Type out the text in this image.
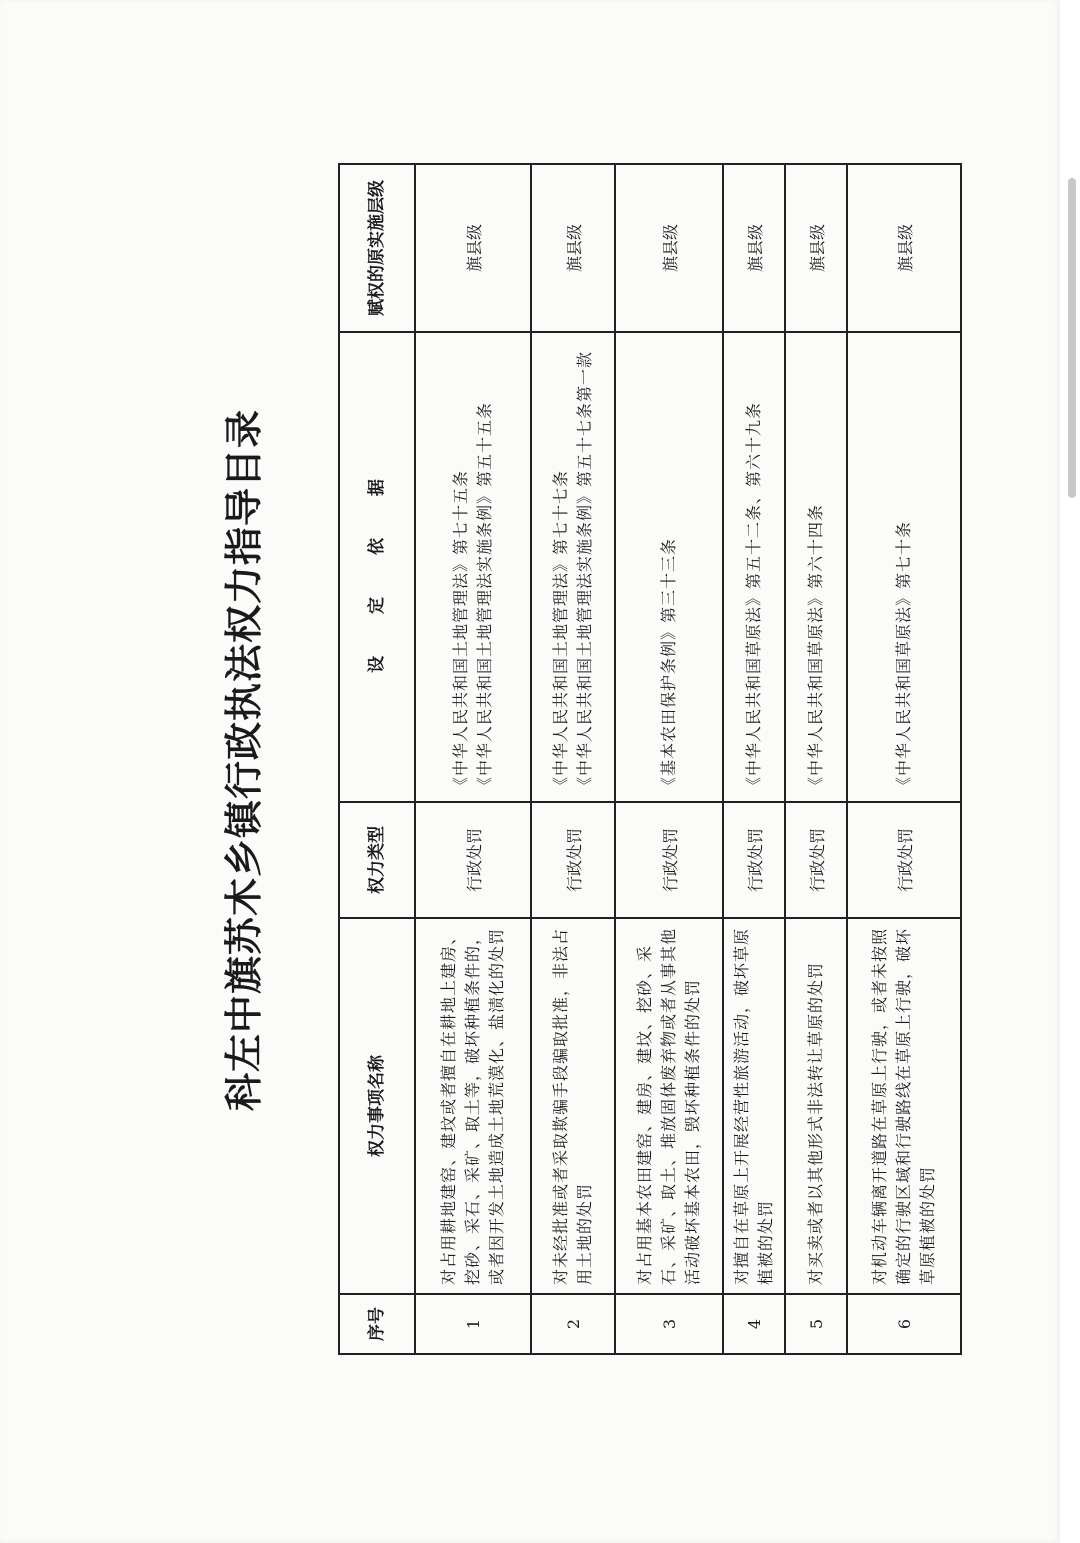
科左中旗苏木乡镇行政执法权力指导目录
序号	权力事项名称	权力类型	设 定 依 据	赋权的原实施层级
1	对占用耕地建窑、建坟或者擅自在耕地上建房、挖砂、采石、采矿、取土等，破坏种植条件的，或者因开发土地造成土地荒漠化、盐渍化的处罚	行政处罚	《中华人民共和国土地管理法》第七十五条 《中华人民共和国土地管理法实施条例》第五十五条	旗县级
2	对未经批准或者采取欺骗手段骗取批准，非法占用土地的处罚	行政处罚	《中华人民共和国土地管理法》第七十七条 《中华人民共和国土地管理法实施条例》第五十七条第一款	旗县级
3	对占用基本农田建窑、建房、建坟、挖砂、采石、采矿、取土、堆放固体废弃物或者从事其他活动破坏基本农田，毁坏种植条件的处罚	行政处罚	《基本农田保护条例》第三十三条	旗县级
4	对擅自在草原上开展经营性旅游活动，破坏草原植被的处罚	行政处罚	《中华人民共和国草原法》第五十二条、第六十九条	旗县级
5	对买卖或者以其他形式非法转让草原的处罚	行政处罚	《中华人民共和国草原法》第六十四条	旗县级
6	对机动车辆离开道路在草原上行驶，或者未按照确定的行驶区域和行驶路线在草原上行驶，破坏草原植被的处罚	行政处罚	《中华人民共和国草原法》第七十条	旗县级
